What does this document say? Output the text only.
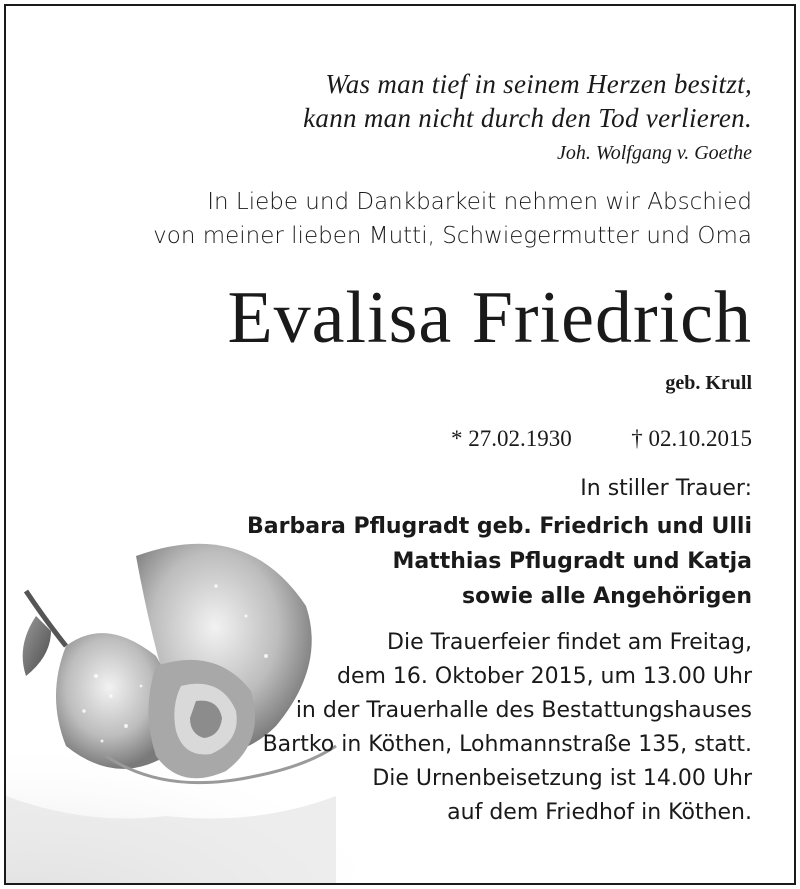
Was man tief in seinem Herzen besitzt,
kann man nicht durch den Tod verlieren.
Joh. Wolfgang v. Goethe
In Liebe und Dankbarkeit nehmen wir Abschied
von meiner lieben Mutti, Schwiegermutter und Oma
Evalisa Friedrich
geb. Krull
* 27.02.1930	† 02.10.2015
In stiller Trauer:
Barbara Pflugradt geb. Friedrich und Ulli
Matthias Pflugradt und Katja
sowie alle Angehörigen
Die Trauerfeier findet am Freitag,
dem 16. Oktober 2015, um 13.00 Uhr
in der Trauerhalle des Bestattungshauses
Bartko in Köthen, Lohmannstraße 135, statt.
Die Urnenbeisetzung ist 14.00 Uhr
auf dem Friedhof in Köthen.
